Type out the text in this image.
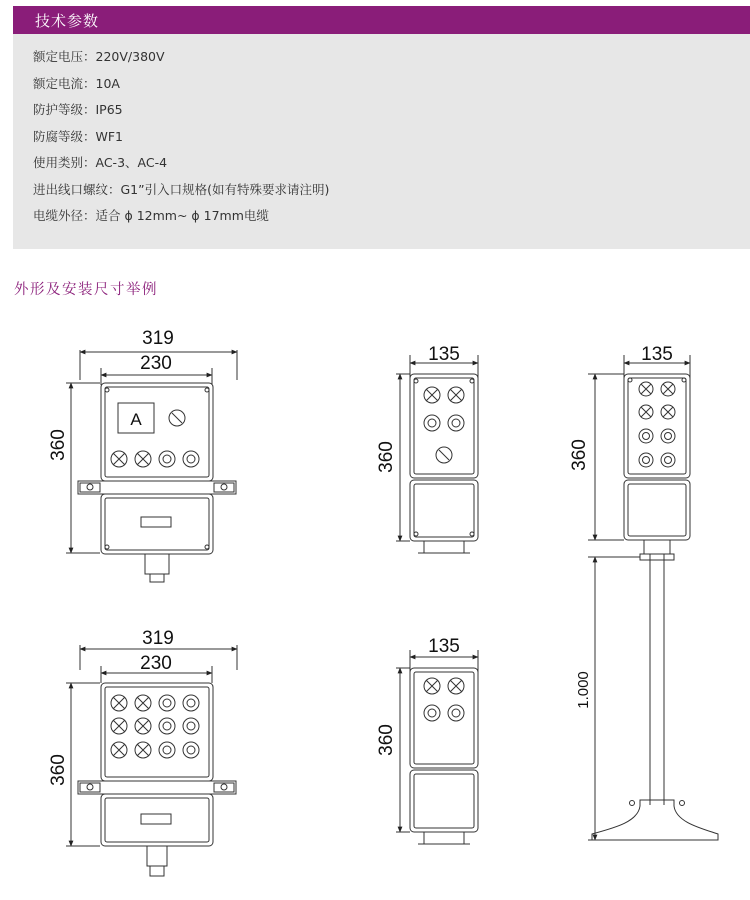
技术参数
额定电压：220V/380V
额定电流：10A
防护等级：IP65
防腐等级：WF1
使用类别：AC-3、AC-4
进出线口螺纹：G1”引入口规格(如有特殊要求请注明)
电缆外径：适合 ɸ 12mm~ ɸ 17mm电缆
外形及安装尺寸举例
319
230
360
A
319
230
360
135
360
135
360
135
360
1.000
